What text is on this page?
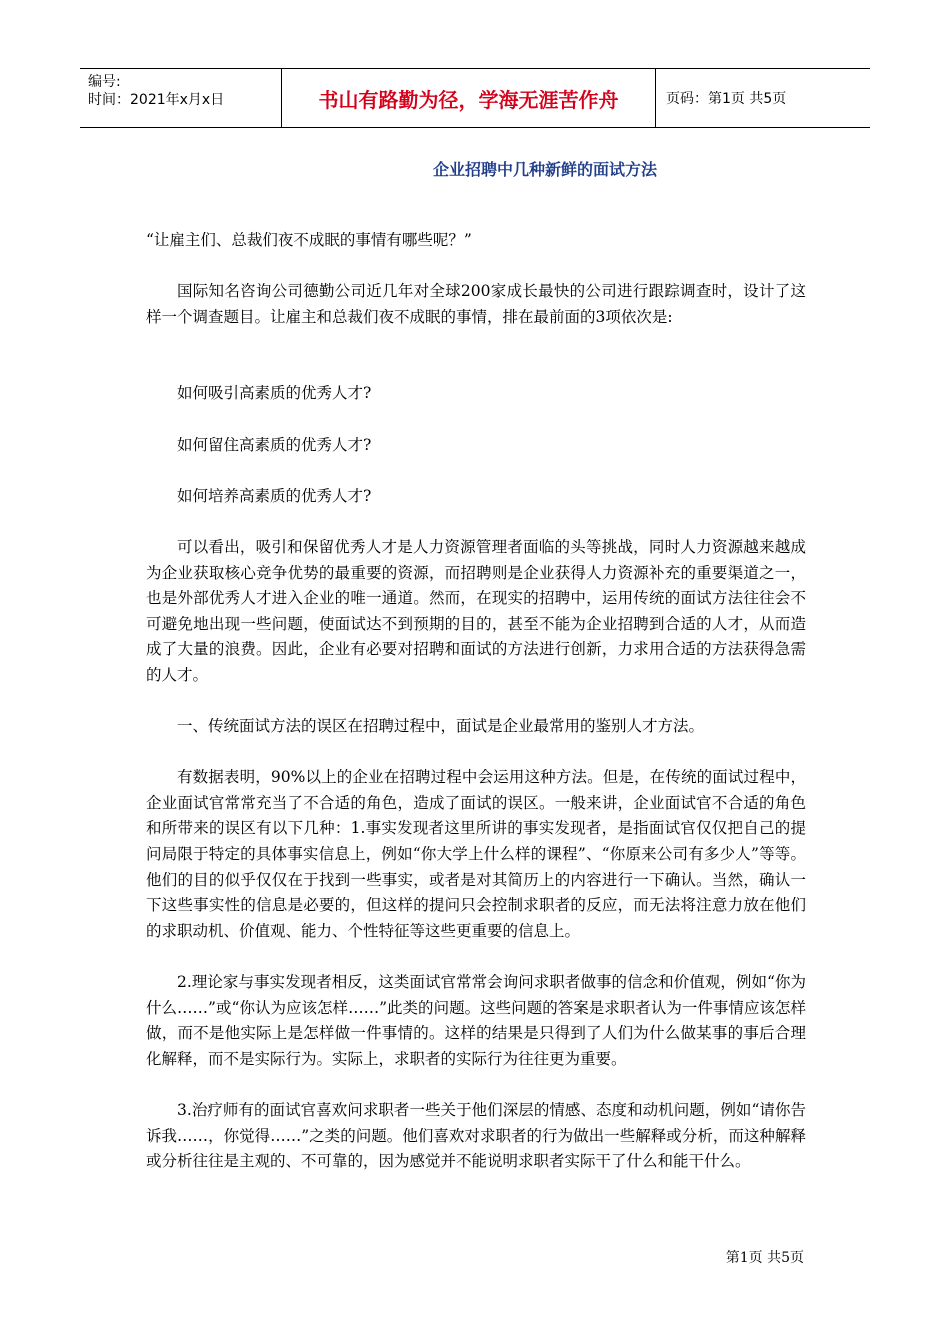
编号:
时间：2021年x月x日	书山有路勤为径，学海无涯苦作舟	页码：第1页 共5页
企业招聘中几种新鲜的面试方法

“让雇主们、总裁们夜不成眠的事情有哪些呢？”

国际知名咨询公司德勤公司近几年对全球200家成长最快的公司进行跟踪调查时，设计了这样一个调查题目。让雇主和总裁们夜不成眠的事情，排在最前面的3项依次是:

如何吸引高素质的优秀人才?

如何留住高素质的优秀人才?

如何培养高素质的优秀人才?

可以看出，吸引和保留优秀人才是人力资源管理者面临的头等挑战，同时人力资源越来越成为企业获取核心竞争优势的最重要的资源，而招聘则是企业获得人力资源补充的重要渠道之一，也是外部优秀人才进入企业的唯一通道。然而，在现实的招聘中，运用传统的面试方法往往会不可避免地出现一些问题，使面试达不到预期的目的，甚至不能为企业招聘到合适的人才，从而造成了大量的浪费。因此，企业有必要对招聘和面试的方法进行创新，力求用合适的方法获得急需的人才。

一、传统面试方法的误区在招聘过程中，面试是企业最常用的鉴别人才方法。

有数据表明，90%以上的企业在招聘过程中会运用这种方法。但是，在传统的面试过程中，企业面试官常常充当了不合适的角色，造成了面试的误区。一般来讲，企业面试官不合适的角色和所带来的误区有以下几种：1.事实发现者这里所讲的事实发现者，是指面试官仅仅把自己的提问局限于特定的具体事实信息上，例如“你大学上什么样的课程”、“你原来公司有多少人”等等。他们的目的似乎仅仅在于找到一些事实，或者是对其简历上的内容进行一下确认。当然，确认一下这些事实性的信息是必要的，但这样的提问只会控制求职者的反应，而无法将注意力放在他们的求职动机、价值观、能力、个性特征等这些更重要的信息上。

2.理论家与事实发现者相反，这类面试官常常会询问求职者做事的信念和价值观，例如“你为什么……”或“你认为应该怎样……”此类的问题。这些问题的答案是求职者认为一件事情应该怎样做，而不是他实际上是怎样做一件事情的。这样的结果是只得到了人们为什么做某事的事后合理化解释，而不是实际行为。实际上，求职者的实际行为往往更为重要。

3.治疗师有的面试官喜欢问求职者一些关于他们深层的情感、态度和动机问题，例如“请你告诉我……，你觉得……”之类的问题。他们喜欢对求职者的行为做出一些解释或分析，而这种解释或分析往往是主观的、不可靠的，因为感觉并不能说明求职者实际干了什么和能干什么。

第1页 共5页
